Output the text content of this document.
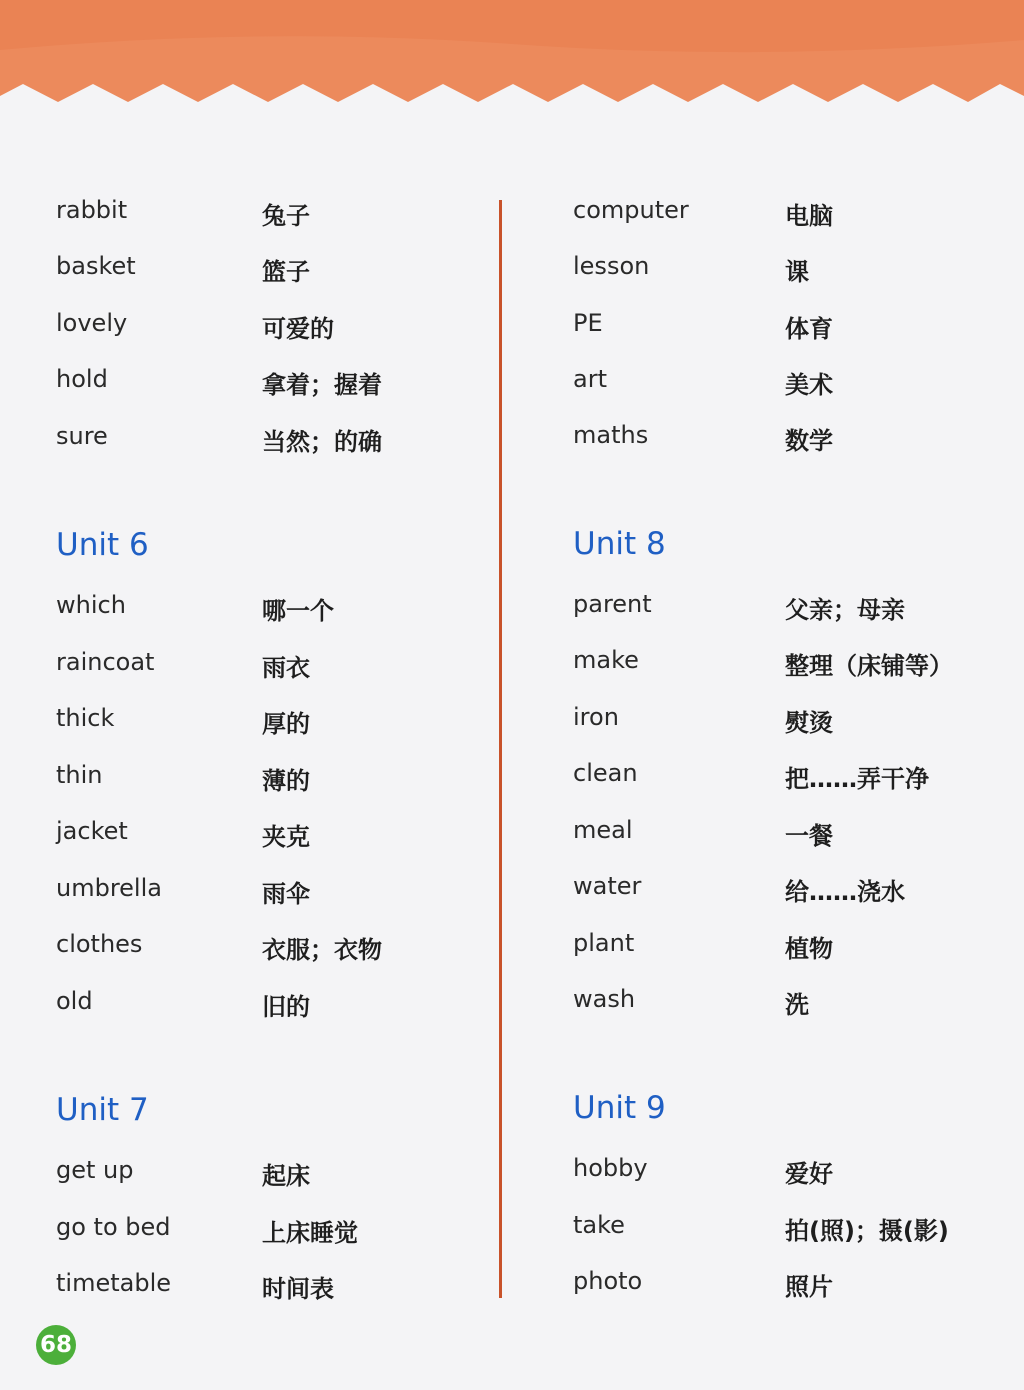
rabbit	兔子
basket	篮子
lovely	可爱的
hold	拿着；握着
sure	当然；的确
Unit 6
which	哪一个
raincoat	雨衣
thick	厚的
thin	薄的
jacket	夹克
umbrella	雨伞
clothes	衣服；衣物
old	旧的
Unit 7
get up	起床
go to bed	上床睡觉
timetable	时间表
computer	电脑
lesson	课
PE	体育
art	美术
maths	数学
Unit 8
parent	父亲；母亲
make	整理（床铺等）
iron	熨烫
clean	把……弄干净
meal	一餐
water	给……浇水
plant	植物
wash	洗
Unit 9
hobby	爱好
take	拍(照)；摄(影)
photo	照片
68
